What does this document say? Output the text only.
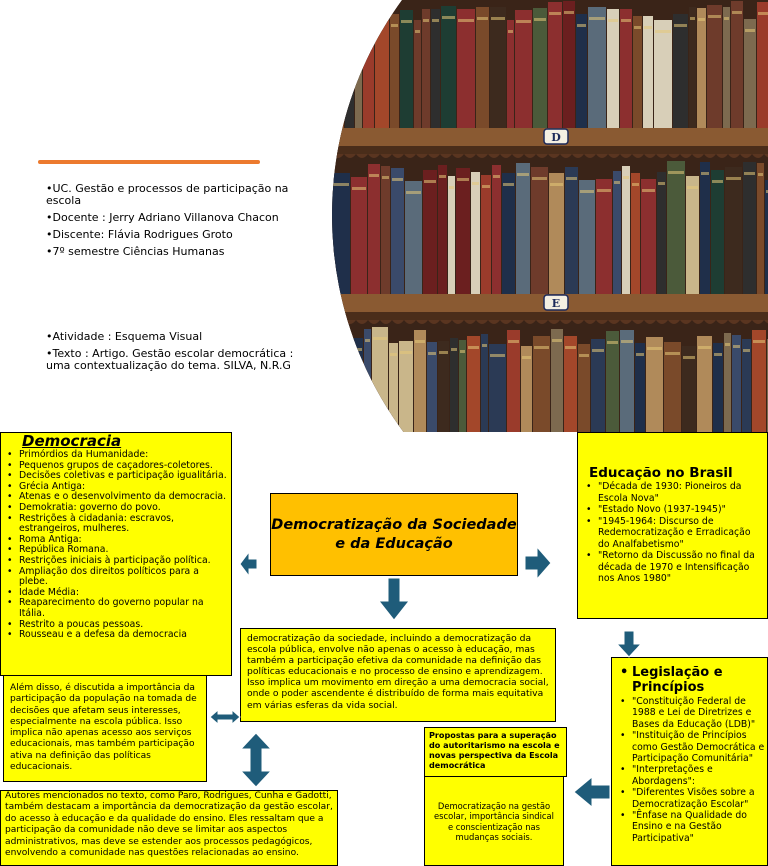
•UC. Gestão e processos de participação na escola
•Docente : Jerry Adriano Villanova Chacon
•Discente: Flávia Rodrigues Groto
•7º semestre Ciências Humanas
•Atividade : Esquema Visual
•Texto : Artigo. Gestão escolar democrática : uma contextualização do tema. SILVA, N.R.G
D
E
Democracia
• Primórdios da Humanidade:
• Pequenos grupos de caçadores-coletores.
• Decisões coletivas e participação igualitária.
• Grécia Antiga:
• Atenas e o desenvolvimento da democracia.
• Demokratia: governo do povo.
• Restrições à cidadania: escravos, estrangeiros, mulheres.
• Roma Antiga:
• República Romana.
• Restrições iniciais à participação política.
• Ampliação dos direitos políticos para a plebe.
• Idade Média:
• Reaparecimento do governo popular na Itália.
• Restrito a poucas pessoas.
• Rousseau e a defesa da democracia
Democratização da Sociedade e da Educação
Educação no Brasil
• "Década de 1930: Pioneiros da Escola Nova"
• "Estado Novo (1937-1945)"
• "1945-1964: Discurso de Redemocratização e Erradicação do Analfabetismo"
• "Retorno da Discussão no final da década de 1970 e Intensificação nos Anos 1980"
democratização da sociedade, incluindo a democratização da escola pública, envolve não apenas o acesso à educação, mas também a participação efetiva da comunidade na definição das políticas educacionais e no processo de ensino e aprendizagem. Isso implica um movimento em direção a uma democracia social, onde o poder ascendente é distribuído de forma mais equitativa em várias esferas da vida social.
Além disso, é discutida a importância da participação da população na tomada de decisões que afetam seus interesses, especialmente na escola pública. Isso implica não apenas acesso aos serviços educacionais, mas também participação ativa na definição das políticas educacionais.
Autores mencionados no texto, como Paro, Rodrigues, Cunha e Gadotti, também destacam a importância da democratização da gestão escolar, do acesso à educação e da qualidade do ensino. Eles ressaltam que a participação da comunidade não deve se limitar aos aspectos administrativos, mas deve se estender aos processos pedagógicos, envolvendo a comunidade nas questões relacionadas ao ensino.
Propostas para a superação do autoritarismo na escola e novas perspectiva da Escola democrática
Democratização na gestão escolar, importância sindical e conscientização nas mudanças sociais.
• Legislação e Princípios
• "Constituição Federal de 1988 e Lei de Diretrizes e Bases da Educação (LDB)"
• "Instituição de Princípios como Gestão Democrática e Participação Comunitária"
• "Interpretações e Abordagens":
• "Diferentes Visões sobre a Democratização Escolar"
• "Ênfase na Qualidade do Ensino e na Gestão Participativa"
